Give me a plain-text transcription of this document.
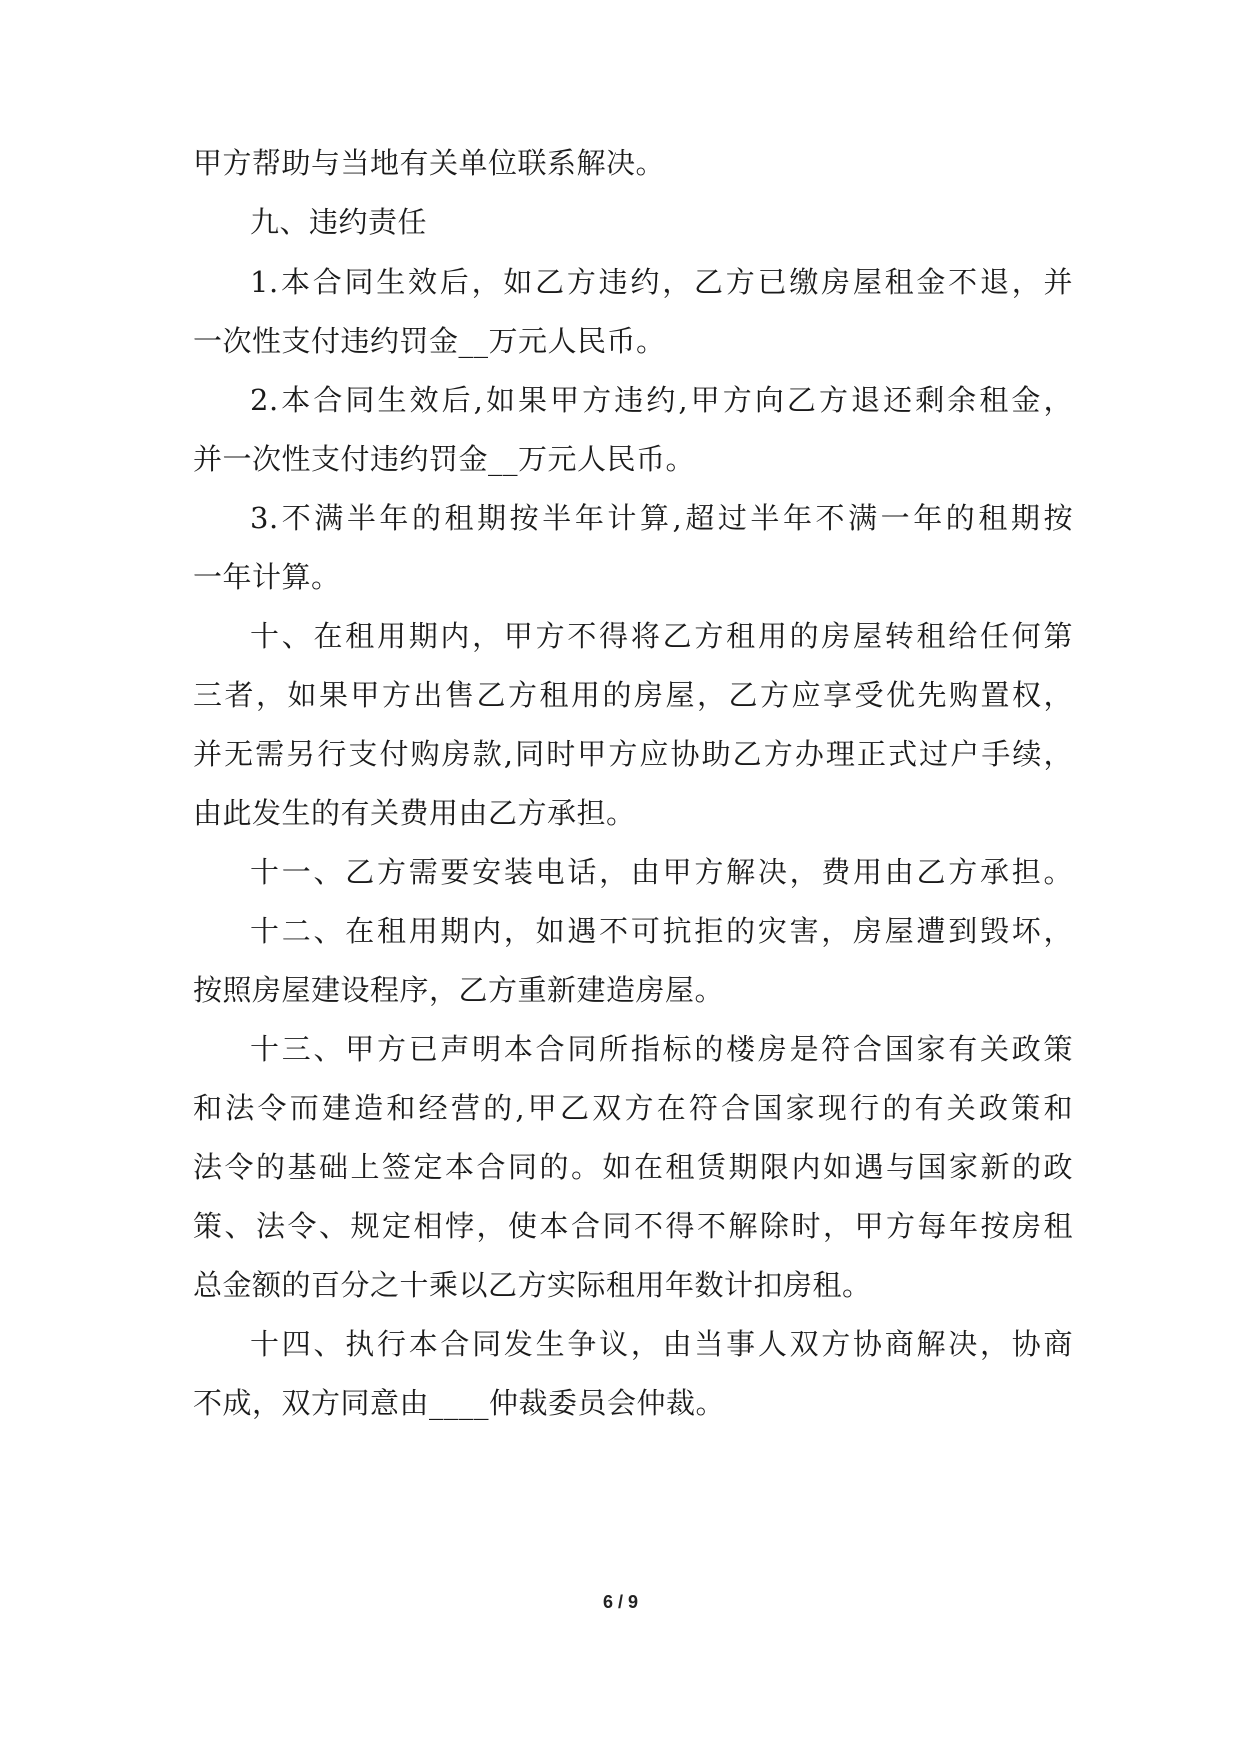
甲方帮助与当地有关单位联系解决。
九、违约责任
1.本合同生效后，如乙方违约，乙方已缴房屋租金不退，并
一次性支付违约罚金__万元人民币。
2.本合同生效后,如果甲方违约,甲方向乙方退还剩余租金，
并一次性支付违约罚金__万元人民币。
3.不满半年的租期按半年计算,超过半年不满一年的租期按
一年计算。
十、在租用期内，甲方不得将乙方租用的房屋转租给任何第
三者，如果甲方出售乙方租用的房屋，乙方应享受优先购置权，
并无需另行支付购房款,同时甲方应协助乙方办理正式过户手续，
由此发生的有关费用由乙方承担。
十一、乙方需要安装电话，由甲方解决，费用由乙方承担。
十二、在租用期内，如遇不可抗拒的灾害，房屋遭到毁坏，
按照房屋建设程序，乙方重新建造房屋。
十三、甲方已声明本合同所指标的楼房是符合国家有关政策
和法令而建造和经营的,甲乙双方在符合国家现行的有关政策和
法令的基础上签定本合同的。如在租赁期限内如遇与国家新的政
策、法令、规定相悖，使本合同不得不解除时，甲方每年按房租
总金额的百分之十乘以乙方实际租用年数计扣房租。
十四、执行本合同发生争议，由当事人双方协商解决，协商
不成，双方同意由____仲裁委员会仲裁。
6 / 9
